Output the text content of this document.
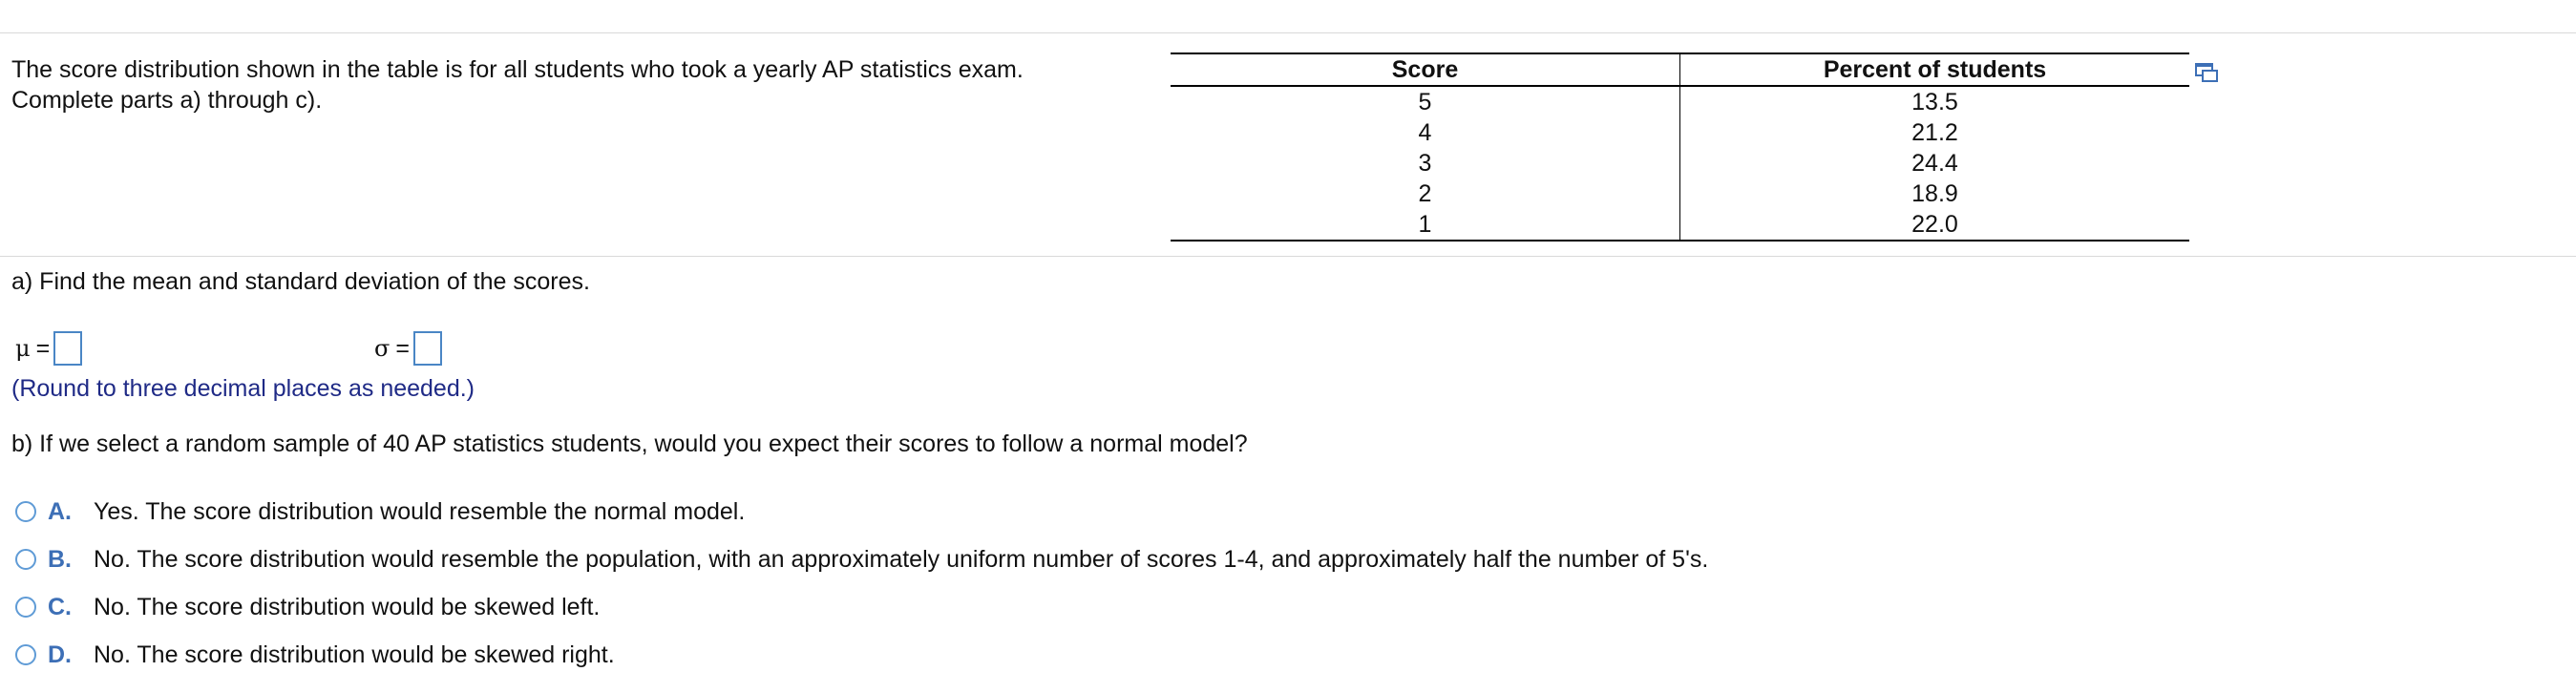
The score distribution shown in the table is for all students who took a yearly AP statistics exam.
Complete parts a) through c).
Score	Percent of students
5	13.5
4	21.2
3	24.4
2	18.9
1	22.0
a) Find the mean and standard deviation of the scores.
μ =	σ =
(Round to three decimal places as needed.)
b) If we select a random sample of 40 AP statistics students, would you expect their scores to follow a normal model?
A. Yes. The score distribution would resemble the normal model.
B. No. The score distribution would resemble the population, with an approximately uniform number of scores 1-4, and approximately half the number of 5's.
C. No. The score distribution would be skewed left.
D. No. The score distribution would be skewed right.
